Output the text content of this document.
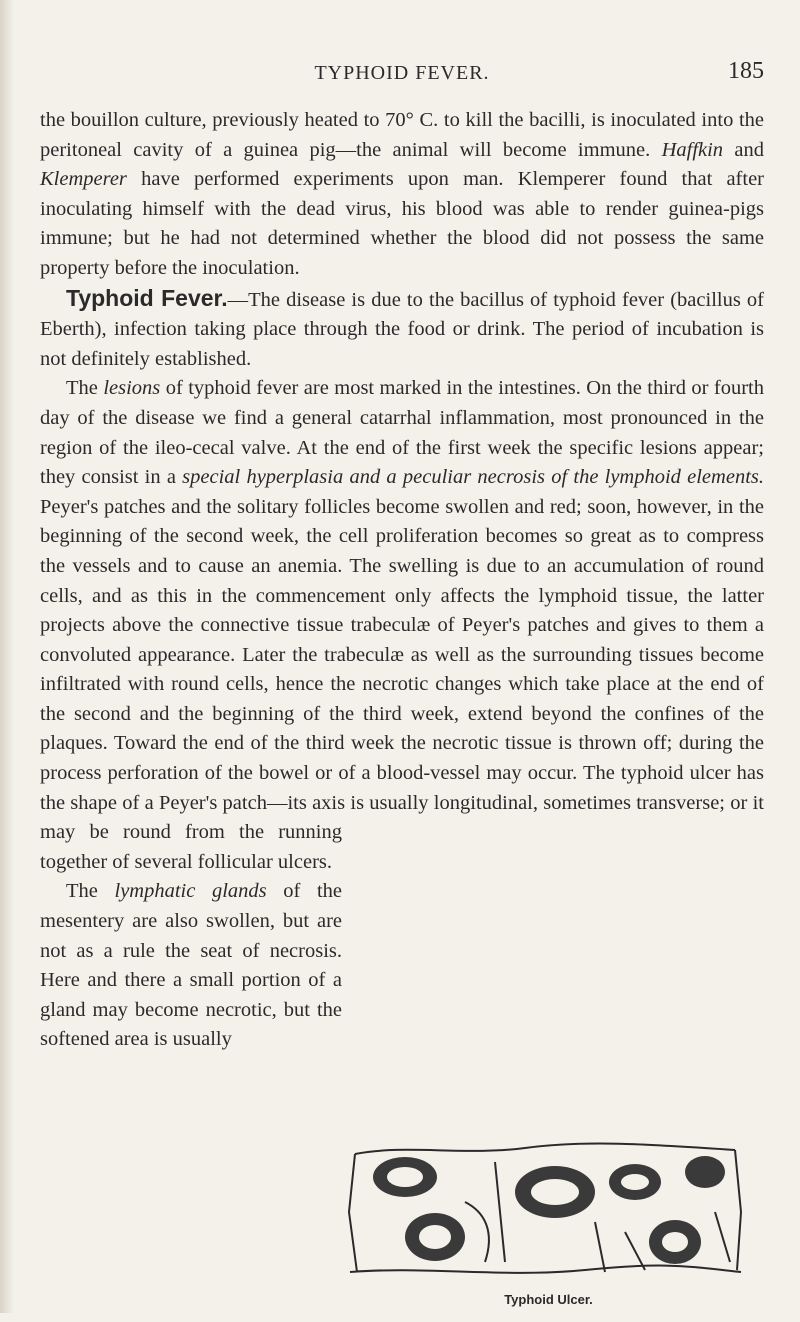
TYPHOID FEVER.	185

the bouillon culture, previously heated to 70° C. to kill the bacilli, is inoculated into the peritoneal cavity of a guinea pig—the animal will become immune. Haffkin and Klemperer have performed experiments upon man. Klemperer found that after inoculating himself with the dead virus, his blood was able to render guinea-pigs immune; but he had not determined whether the blood did not possess the same property before the inoculation.

Typhoid Fever.—The disease is due to the bacillus of typhoid fever (bacillus of Eberth), infection taking place through the food or drink. The period of incubation is not definitely established.

The lesions of typhoid fever are most marked in the intestines. On the third or fourth day of the disease we find a general catarrhal inflammation, most pronounced in the region of the ileo-cecal valve. At the end of the first week the specific lesions appear; they consist in a special hyperplasia and a peculiar necrosis of the lymphoid elements. Peyer's patches and the solitary follicles become swollen and red; soon, however, in the beginning of the second week, the cell proliferation becomes so great as to compress the vessels and to cause an anemia. The swelling is due to an accumulation of round cells, and as this in the commencement only affects the lymphoid tissue, the latter projects above the connective tissue trabeculæ of Peyer's patches and gives to them a convoluted appearance. Later the trabeculæ as well as the surrounding tissues become infiltrated with round cells, hence the necrotic changes which take place at the end of the second and the beginning of the third week, extend beyond the confines of the plaques. Toward the end of the third week the necrotic tissue is thrown off; during the process perforation of the bowel or of a blood-vessel may occur. The typhoid ulcer has the shape of a Peyer's patch—its axis is usually
longitudinal, sometimes transverse; or it may be round from the running together of several follicular ulcers.

The lymphatic glands of the mesentery are also swollen, but are not as a rule the seat of necrosis. Here and there a small portion of a gland may become necrotic, but the softened area is usually

Typhoid Ulcer.
